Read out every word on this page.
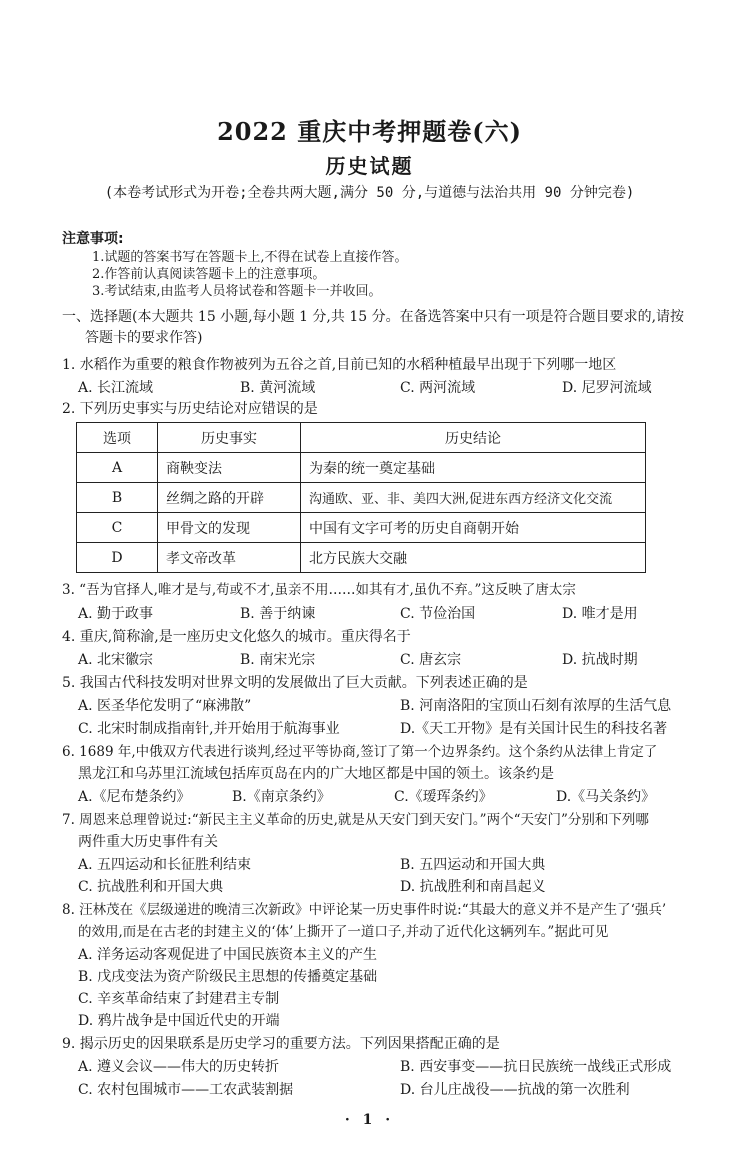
2022 重庆中考押题卷(六)
历史试题
(本卷考试形式为开卷;全卷共两大题,满分 50 分,与道德与法治共用 90 分钟完卷)
注意事项:
1.试题的答案书写在答题卡上,不得在试卷上直接作答。
2.作答前认真阅读答题卡上的注意事项。
3.考试结束,由监考人员将试卷和答题卡一并收回。
一、选择题(本大题共 15 小题,每小题 1 分,共 15 分。在备选答案中只有一项是符合题目要求的,请按
答题卡的要求作答)
1. 水稻作为重要的粮食作物被列为五谷之首,目前已知的水稻种植最早出现于下列哪一地区
A. 长江流域	B. 黄河流域	C. 两河流域	D. 尼罗河流域
2. 下列历史事实与历史结论对应错误的是
选项	历史事实	历史结论
A	商鞅变法	为秦的统一奠定基础
B	丝绸之路的开辟	沟通欧、亚、非、美四大洲,促进东西方经济文化交流
C	甲骨文的发现	中国有文字可考的历史自商朝开始
D	孝文帝改革	北方民族大交融
3. “吾为官择人,唯才是与,苟或不才,虽亲不用……如其有才,虽仇不弃。”这反映了唐太宗
A. 勤于政事	B. 善于纳谏	C. 节俭治国	D. 唯才是用
4. 重庆,简称渝,是一座历史文化悠久的城市。重庆得名于
A. 北宋徽宗	B. 南宋光宗	C. 唐玄宗	D. 抗战时期
5. 我国古代科技发明对世界文明的发展做出了巨大贡献。下列表述正确的是
A. 医圣华佗发明了“麻沸散”	B. 河南洛阳的宝顶山石刻有浓厚的生活气息
C. 北宋时制成指南针,并开始用于航海事业	D.《天工开物》是有关国计民生的科技名著
6. 1689 年,中俄双方代表进行谈判,经过平等协商,签订了第一个边界条约。这个条约从法律上肯定了
黑龙江和乌苏里江流域包括库页岛在内的广大地区都是中国的领土。该条约是
A.《尼布楚条约》	B.《南京条约》	C.《瑷珲条约》	D.《马关条约》
7. 周恩来总理曾说过:“新民主主义革命的历史,就是从天安门到天安门。”两个“天安门”分别和下列哪
两件重大历史事件有关
A. 五四运动和长征胜利结束	B. 五四运动和开国大典
C. 抗战胜利和开国大典	D. 抗战胜利和南昌起义
8. 汪林茂在《层级递进的晚清三次新政》中评论某一历史事件时说:“其最大的意义并不是产生了‘强兵’
的效用,而是在古老的封建主义的‘体’上撕开了一道口子,并动了近代化这辆列车。”据此可见
A. 洋务运动客观促进了中国民族资本主义的产生
B. 戊戌变法为资产阶级民主思想的传播奠定基础
C. 辛亥革命结束了封建君主专制
D. 鸦片战争是中国近代史的开端
9. 揭示历史的因果联系是历史学习的重要方法。下列因果搭配正确的是
A. 遵义会议——伟大的历史转折	B. 西安事变——抗日民族统一战线正式形成
C. 农村包围城市——工农武装割据	D. 台儿庄战役——抗战的第一次胜利
· 1 ·
